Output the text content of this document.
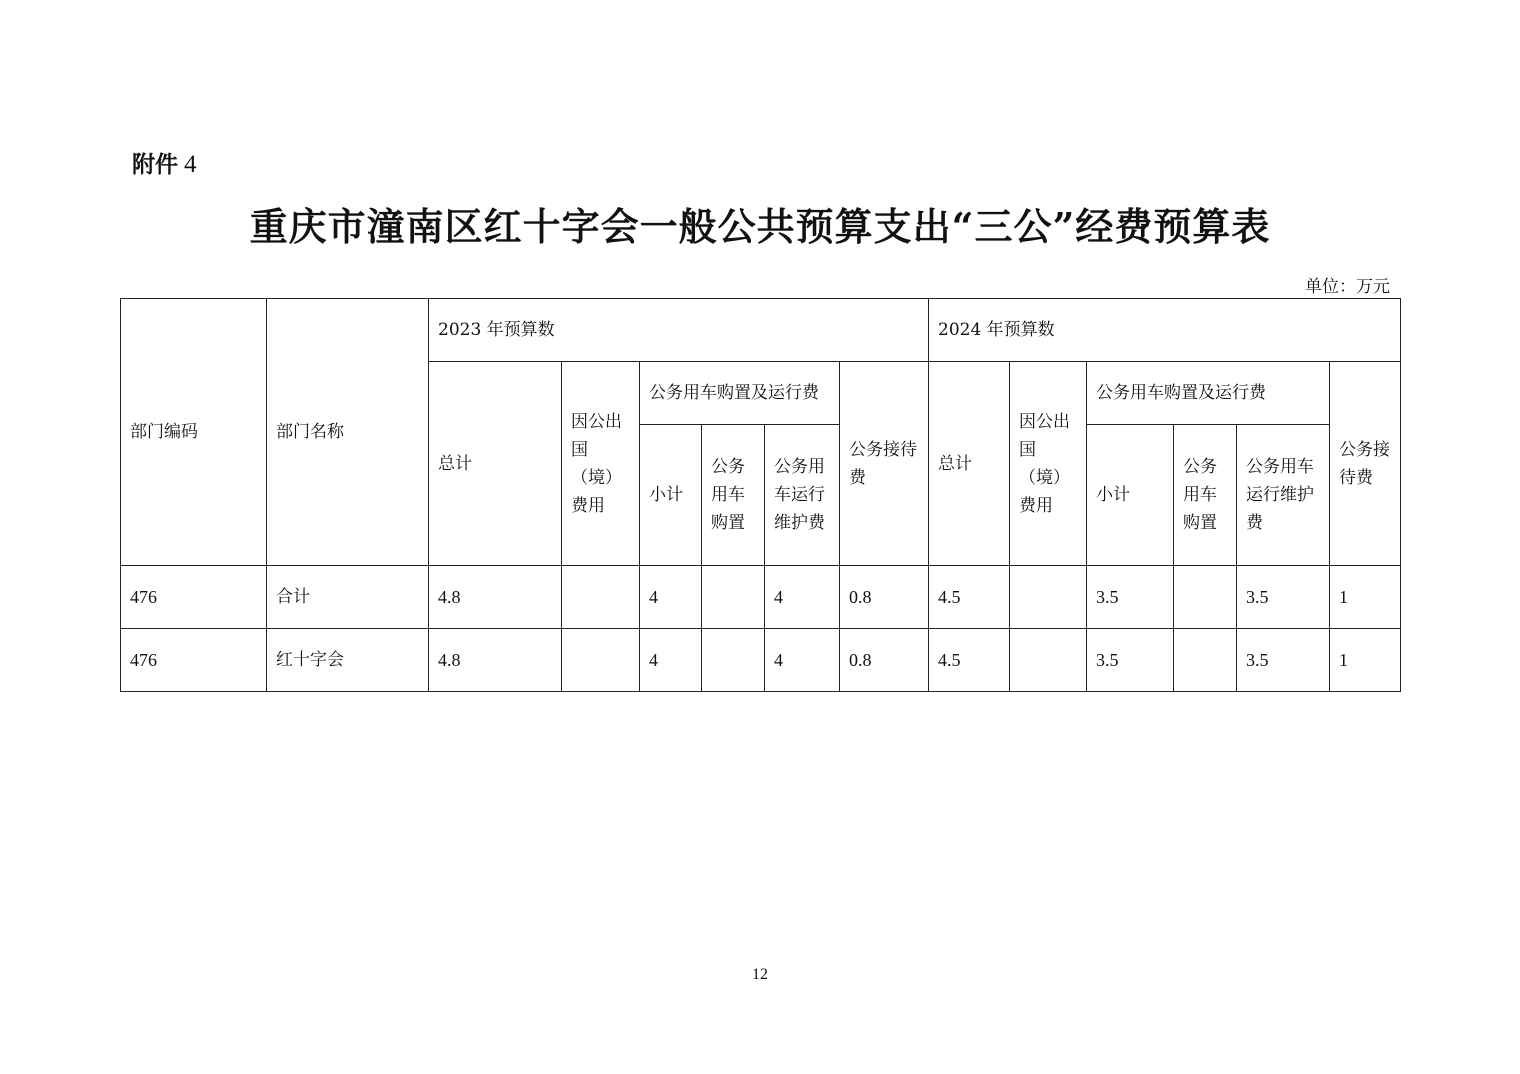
附件 4
重庆市潼南区红十字会一般公共预算支出“三公”经费预算表
单位：万元
部门编码	部门名称	2023 年预算数						2024 年预算数					
		总计	因公出国（境）费用	公务用车购置及运行费			公务接待费	总计	因公出国（境）费用	公务用车购置及运行费			公务接待费
				小计	公务用车购置	公务用车运行维护费				小计	公务用车购置	公务用车运行维护费	
476	合计	4.8		4		4	0.8	4.5		3.5		3.5	1
476	红十字会	4.8		4		4	0.8	4.5		3.5		3.5	1
12
